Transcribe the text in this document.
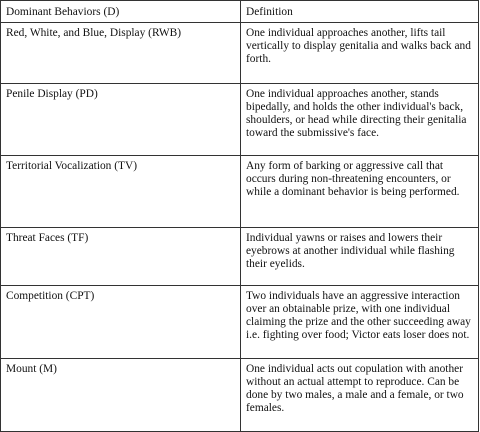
Dominant Behaviors (D)	Definition
Red, White, and Blue, Display (RWB)	One individual approaches another, lifts tail vertically to display genitalia and walks back and forth.
Penile Display (PD)	One individual approaches another, stands bipedally, and holds the other individual's back, shoulders, or head while directing their genitalia toward the submissive's face.
Territorial Vocalization (TV)	Any form of barking or aggressive call that occurs during non-threatening encounters, or while a dominant behavior is being performed.
Threat Faces (TF)	Individual yawns or raises and lowers their eyebrows at another individual while flashing their eyelids.
Competition (CPT)	Two individuals have an aggressive interaction over an obtainable prize, with one individual claiming the prize and the other succeeding away i.e. fighting over food; Victor eats loser does not.
Mount (M)	One individual acts out copulation with another without an actual attempt to reproduce. Can be done by two males, a male and a female, or two females.
